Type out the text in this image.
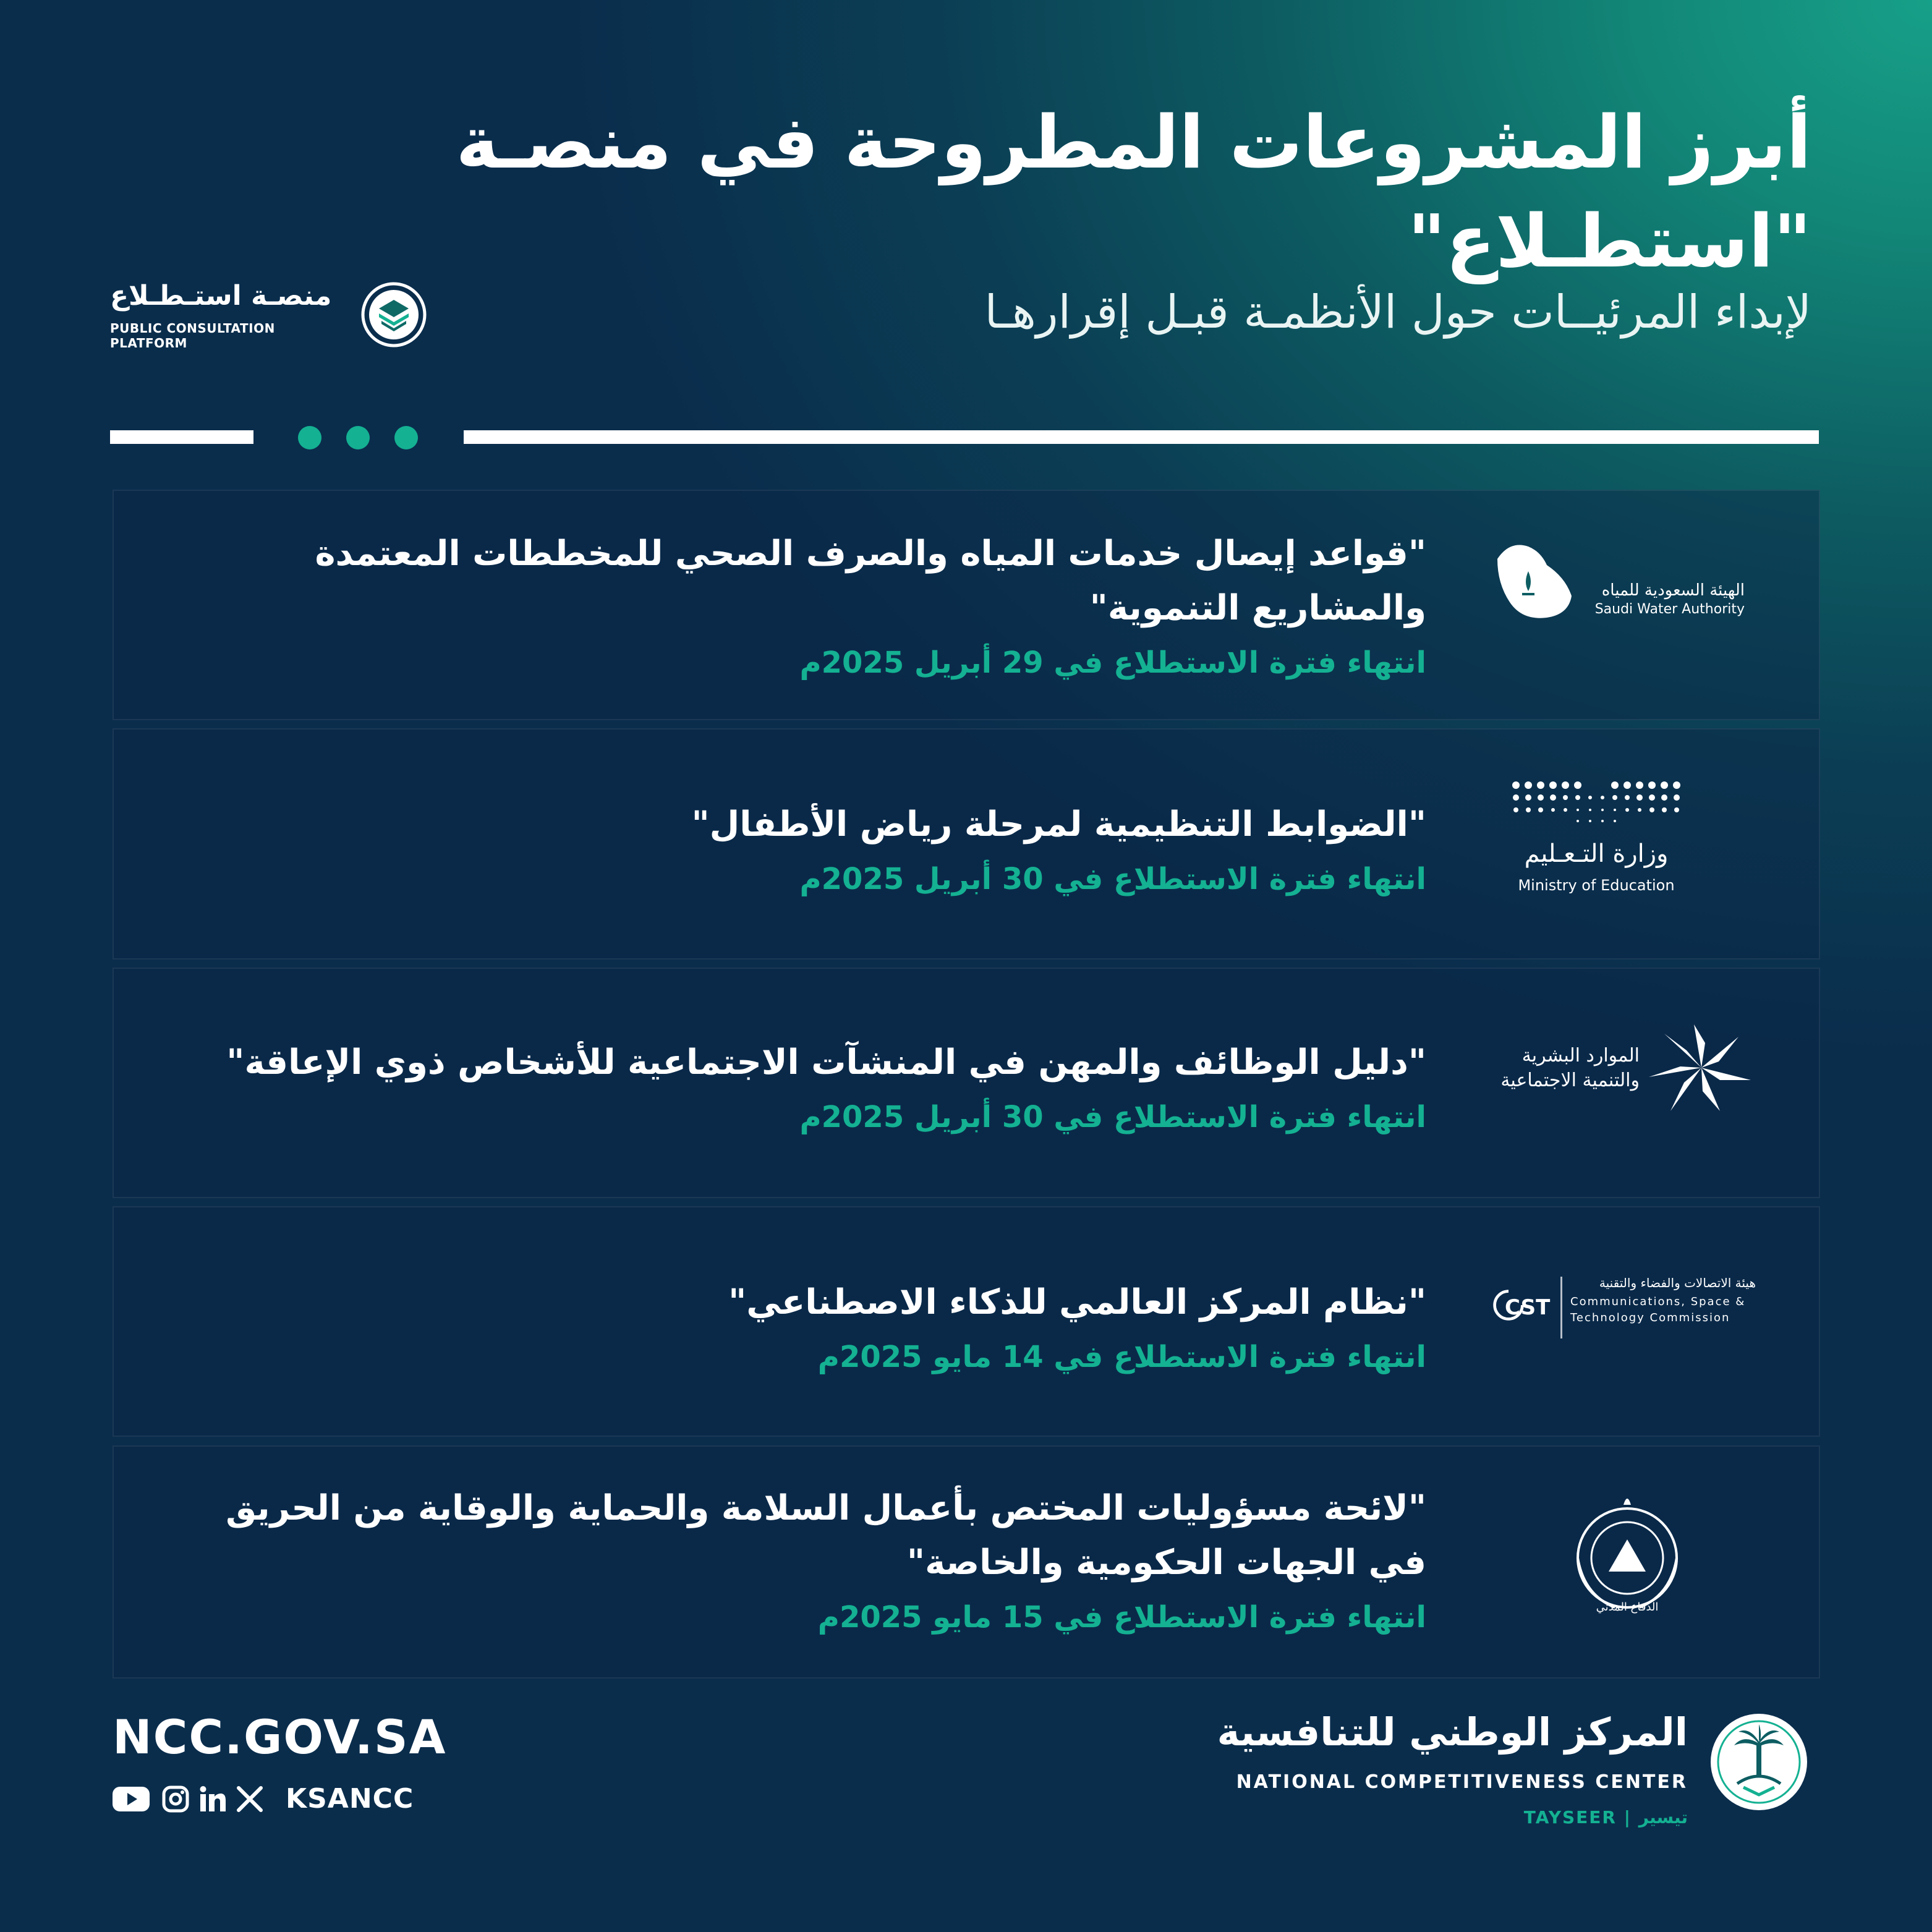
أبرز المشروعات المطروحة في منصـة "استطـلاع"
منصـة استـطـلاع
PUBLIC CONSULTATION PLATFORM
لإبداء المرئيــات حول الأنظمـة قبـل إقرارهـا
"قواعد إيصال خدمات المياه والصرف الصحي للمخططات المعتمدة والمشاريع التنموية"
انتهاء فترة الاستطلاع في 29 أبريل 2025م
الهيئة السعودية للمياه
Saudi Water Authority
"الضوابط التنظيمية لمرحلة رياض الأطفال"
انتهاء فترة الاستطلاع في 30 أبريل 2025م
وزارة التـعـليم
Ministry of Education
"دليل الوظائف والمهن في المنشآت الاجتماعية للأشخاص ذوي الإعاقة"
انتهاء فترة الاستطلاع في 30 أبريل 2025م
الموارد البشرية
والتنمية الاجتماعية
"نظام المركز العالمي للذكاء الاصطناعي"
انتهاء فترة الاستطلاع في 14 مايو 2025م
CST
هيئة الاتصالات والفضاء والتقنية
Communications, Space &
Technology Commission
"لائحة مسؤوليات المختص بأعمال السلامة والحماية والوقاية من الحريق في الجهات الحكومية والخاصة"
انتهاء فترة الاستطلاع في 15 مايو 2025م	الدفاع المدني
NCC.GOV.SA
KSANCC
المركز الوطني للتنافسية
NATIONAL COMPETITIVENESS CENTER
TAYSEER | تيسير
